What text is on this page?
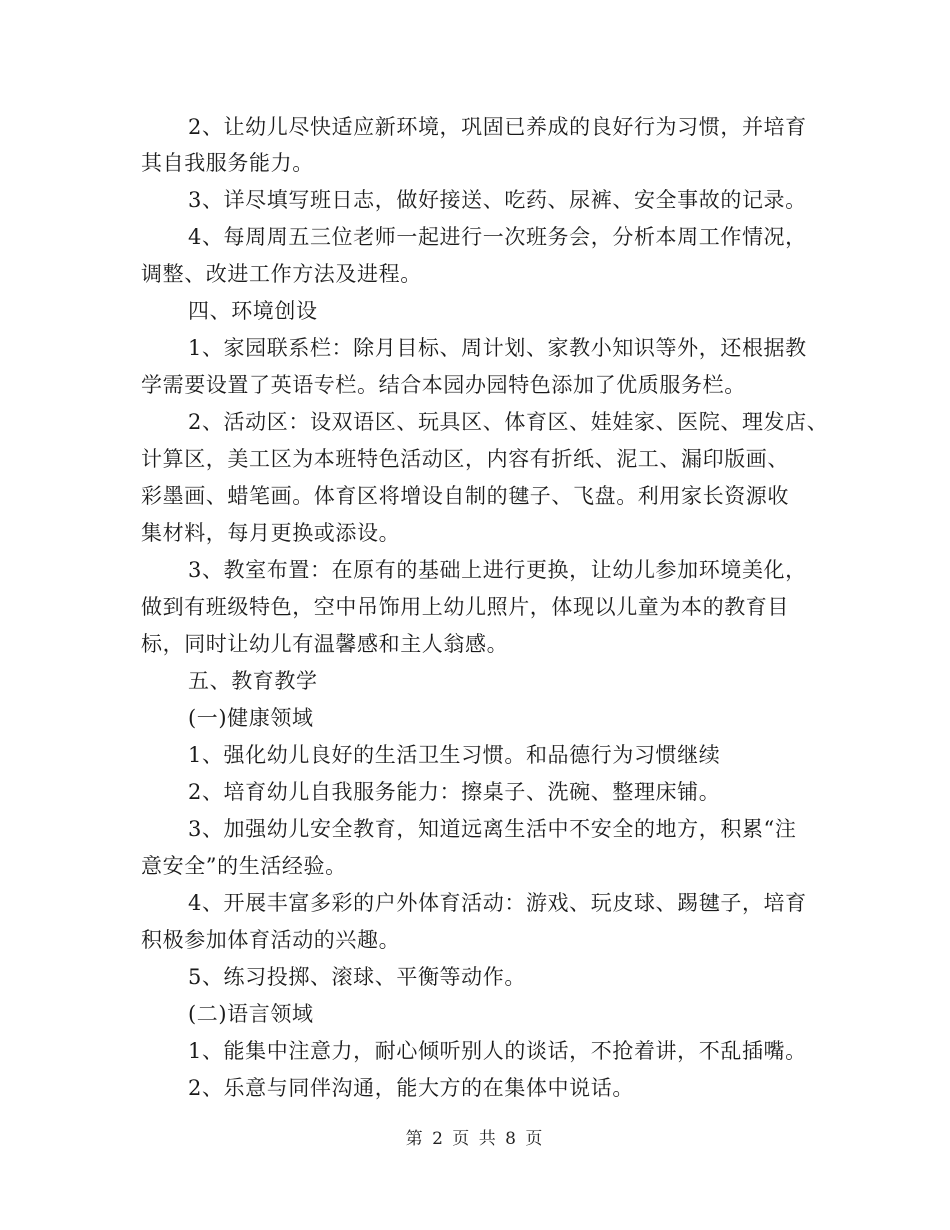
2、让幼儿尽快适应新环境，巩固已养成的良好行为习惯，并培育
其自我服务能力。
3、详尽填写班日志，做好接送、吃药、尿裤、安全事故的记录。
4、每周周五三位老师一起进行一次班务会，分析本周工作情况，
调整、改进工作方法及进程。
四、环境创设
1、家园联系栏：除月目标、周计划、家教小知识等外，还根据教
学需要设置了英语专栏。结合本园办园特色添加了优质服务栏。
2、活动区：设双语区、玩具区、体育区、娃娃家、医院、理发店、
计算区，美工区为本班特色活动区，内容有折纸、泥工、漏印版画、
彩墨画、蜡笔画。体育区将增设自制的毽子、飞盘。利用家长资源收
集材料，每月更换或添设。
3、教室布置：在原有的基础上进行更换，让幼儿参加环境美化，
做到有班级特色，空中吊饰用上幼儿照片，体现以儿童为本的教育目
标，同时让幼儿有温馨感和主人翁感。
五、教育教学
(一)健康领域
1、强化幼儿良好的生活卫生习惯。和品德行为习惯继续
2、培育幼儿自我服务能力：擦桌子、洗碗、整理床铺。
3、加强幼儿安全教育，知道远离生活中不安全的地方，积累“注
意安全”的生活经验。
4、开展丰富多彩的户外体育活动：游戏、玩皮球、踢毽子，培育
积极参加体育活动的兴趣。
5、练习投掷、滚球、平衡等动作。
(二)语言领域
1、能集中注意力，耐心倾听别人的谈话，不抢着讲，不乱插嘴。
2、乐意与同伴沟通，能大方的在集体中说话。
第 2 页 共 8 页
